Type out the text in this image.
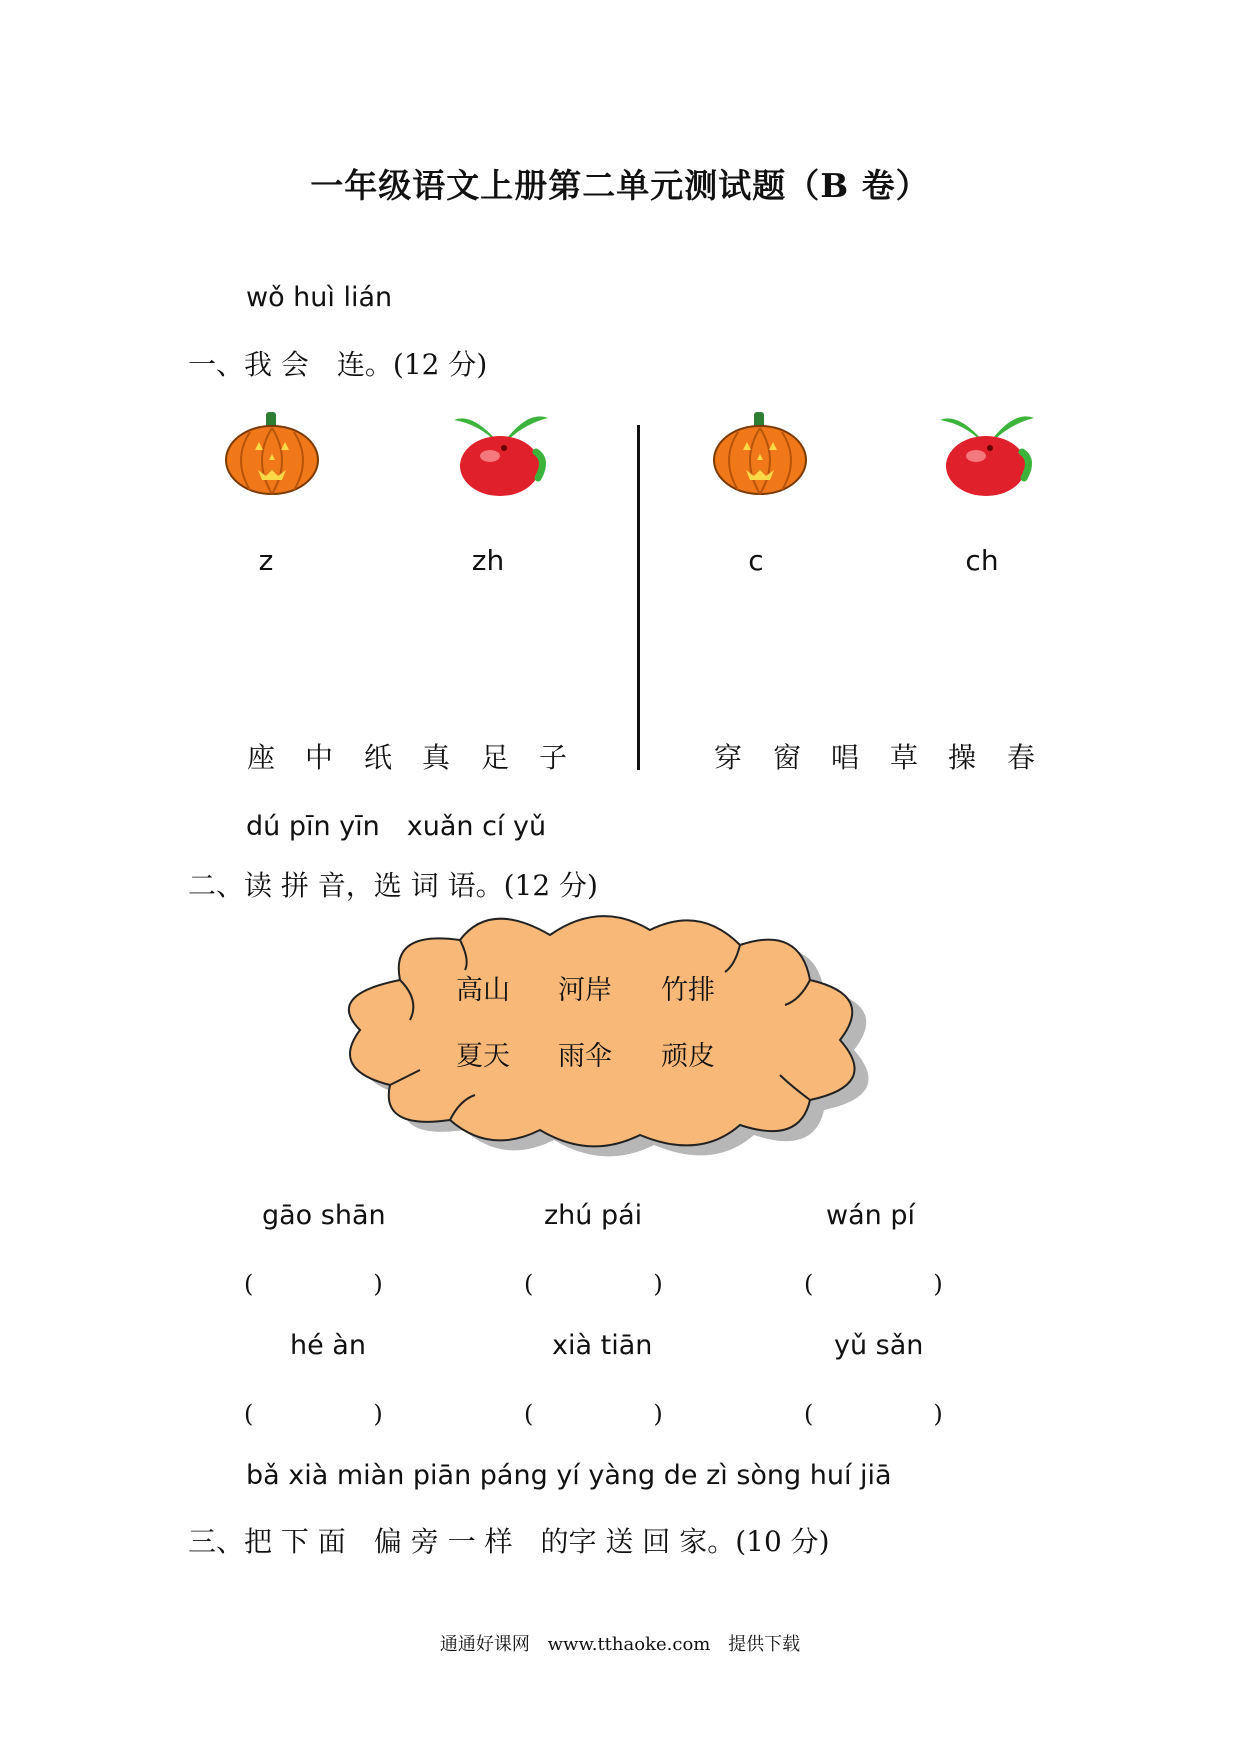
一年级语文上册第二单元测试题（B 卷）
wǒ huì lián
一、我 会　连。(12 分)
z	zh	c	ch
座 中 纸 真 足 子	穿 窗 唱 草 操 春
dú pīn yīn　xuǎn cí yǔ
二、读 拼 音，选 词 语。(12 分)
高山 河岸 竹排
夏天 雨伞 顽皮
gāo shān	zhú pái	wán pí
(　　　　　)	(　　　　　)	(　　　　　)
hé àn	xià tiān	yǔ sǎn
(　　　　　)	(　　　　　)	(　　　　　)
bǎ xià miàn piān páng yí yàng de zì sòng huí jiā
三、把 下 面　偏 旁 一 样　的字 送 回 家。(10 分)
通通好课网 www.tthaoke.com 提供下载
